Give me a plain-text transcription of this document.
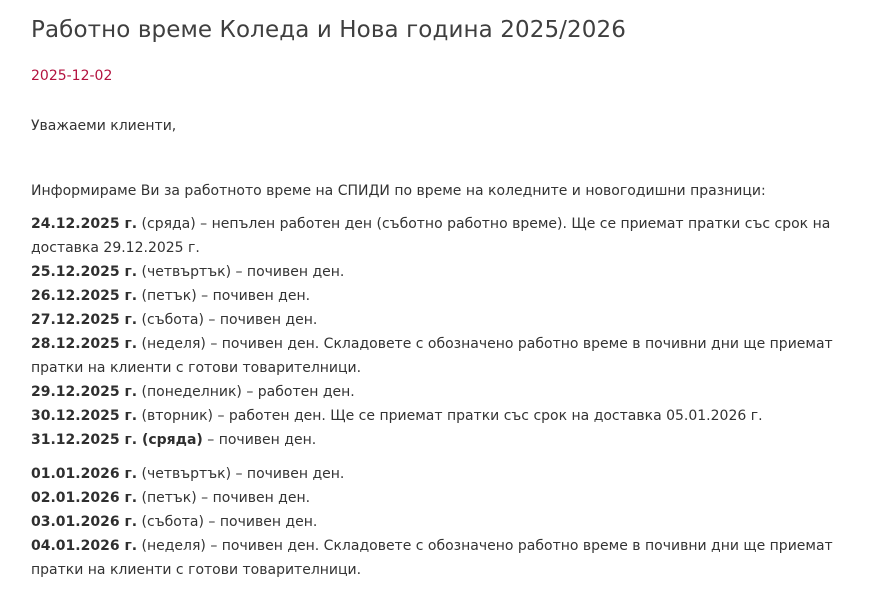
Работно време Коледа и Нова година 2025/2026
2025-12-02

Уважаеми клиенти,

Информираме Ви за работното време на СПИДИ по време на коледните и новогодишни празници:

24.12.2025 г. (сряда) – непълен работен ден (съботно работно време). Ще се приемат пратки със срок на
доставка 29.12.2025 г.
25.12.2025 г. (четвъртък) – почивен ден.
26.12.2025 г. (петък) – почивен ден.
27.12.2025 г. (събота) – почивен ден.
28.12.2025 г. (неделя) – почивен ден. Складовете с обозначено работно време в почивни дни ще приемат
пратки на клиенти с готови товарителници.
29.12.2025 г. (понеделник) – работен ден.
30.12.2025 г. (вторник) – работен ден. Ще се приемат пратки със срок на доставка 05.01.2026 г.
31.12.2025 г. (сряда) – почивен ден.
01.01.2026 г. (четвъртък) – почивен ден.
02.01.2026 г. (петък) – почивен ден.
03.01.2026 г. (събота) – почивен ден.
04.01.2026 г. (неделя) – почивен ден. Складовете с обозначено работно време в почивни дни ще приемат
пратки на клиенти с готови товарителници.
